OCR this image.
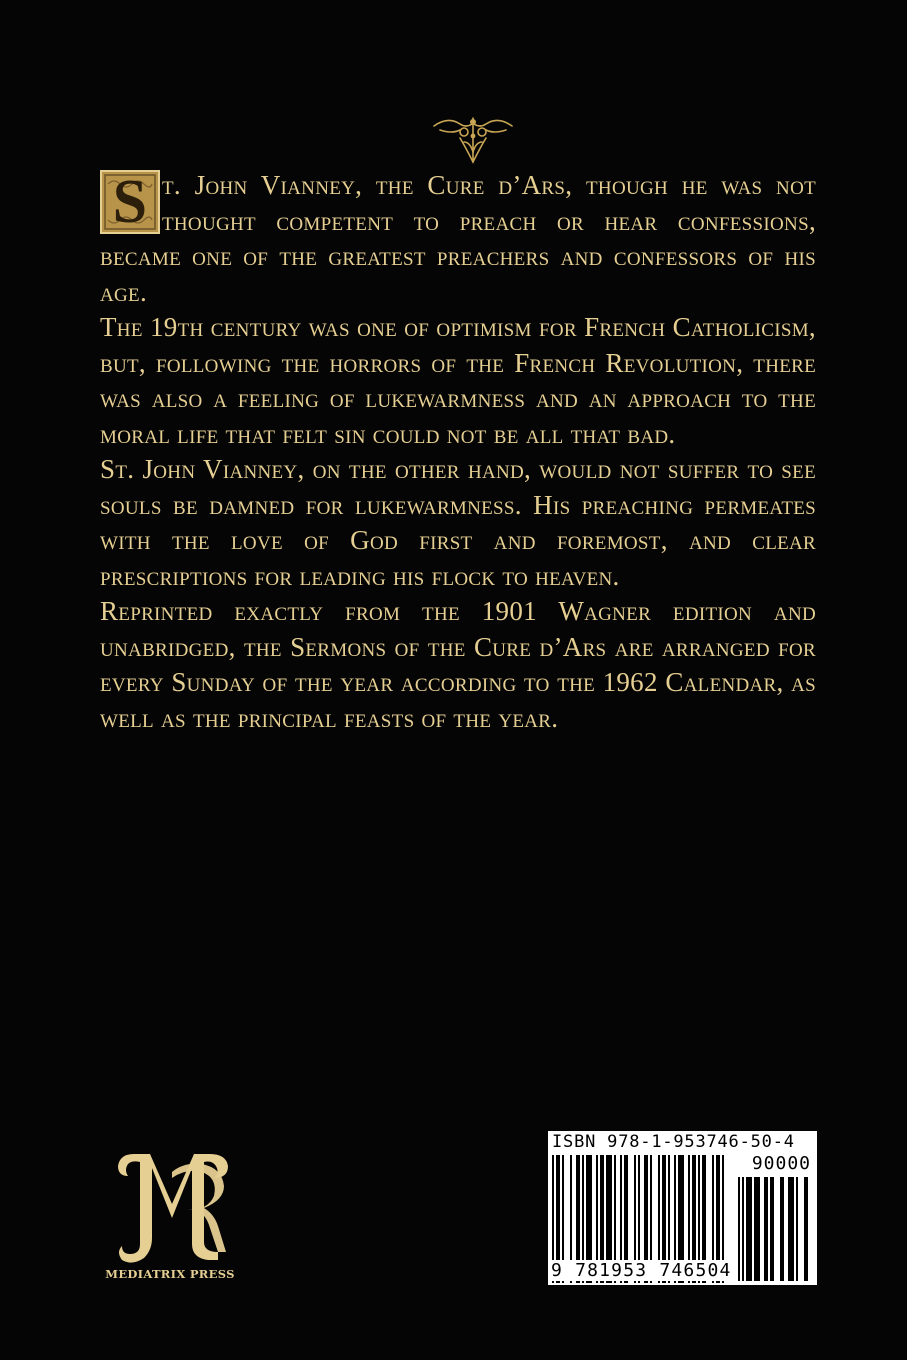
S t. John Vianney, the Cure d’Ars, though he was not thought competent to preach or hear confessions, became one of the greatest preachers and confessors of his age.

The 19th century was one of optimism for French Catholicism, but, following the horrors of the French Revolution, there was also a feeling of lukewarmness and an approach to the moral life that felt sin could not be all that bad.

St. John Vianney, on the other hand, would not suffer to see souls be damned for lukewarmness. His preaching permeates with the love of God first and foremost, and clear prescriptions for leading his flock to heaven.

Reprinted exactly from the 1901 Wagner edition and unabridged, the Sermons of the Cure d’Ars are arranged for every Sunday of the year according to the 1962 Calendar, as well as the principal feasts of the year.

MEDIATRIX PRESS
ISBN 978-1-953746-50-4
90000
9 781953 746504
